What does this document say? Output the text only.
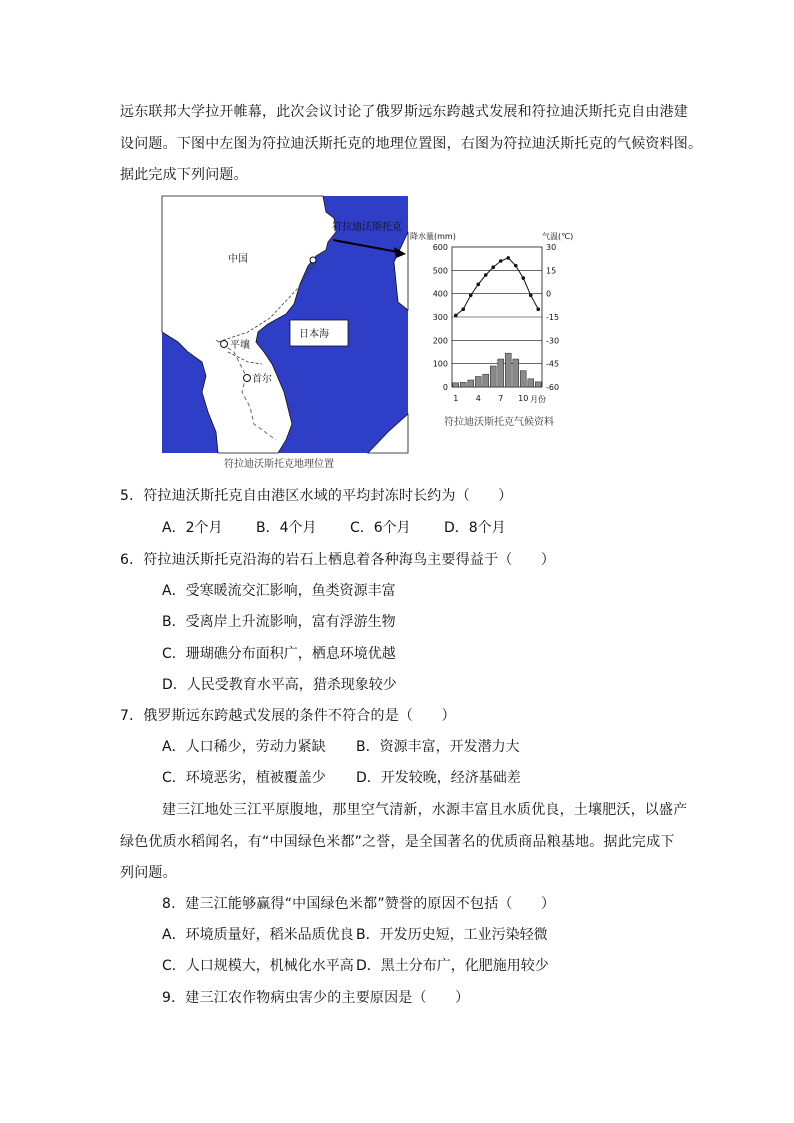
远东联邦大学拉开帷幕，此次会议讨论了俄罗斯远东跨越式发展和符拉迪沃斯托克自由港建
设问题。下图中左图为符拉迪沃斯托克的地理位置图，右图为符拉迪沃斯托克的气候资料图。
据此完成下列问题。
符拉迪沃斯托克
中国
日本海
平壤
首尔
符拉迪沃斯托克地理位置
降水量(mm)	气温(℃)
0
100
200
300
400
500
600
-60
-45
-30
-15
0
15
30
1 4 7 10 月份
符拉迪沃斯托克气候资料
5．符拉迪沃斯托克自由港区水域的平均封冻时长约为（　　）
A．2个月 B．4个月 C．6个月 D．8个月
6．符拉迪沃斯托克沿海的岩石上栖息着各种海鸟主要得益于（　　）
A．受寒暖流交汇影响，鱼类资源丰富
B．受离岸上升流影响，富有浮游生物
C．珊瑚礁分布面积广，栖息环境优越
D．人民受教育水平高，猎杀现象较少
7．俄罗斯远东跨越式发展的条件不符合的是（　　）
A．人口稀少，劳动力紧缺 B．资源丰富，开发潜力大
C．环境恶劣，植被覆盖少 D．开发较晚，经济基础差
建三江地处三江平原腹地，那里空气清新，水源丰富且水质优良，土壤肥沃，以盛产
绿色优质水稻闻名，有“中国绿色米都”之誉，是全国著名的优质商品粮基地。据此完成下
列问题。
8．建三江能够赢得“中国绿色米都”赞誉的原因不包括（　　）
A．环境质量好，稻米品质优良 B．开发历史短，工业污染轻微
C．人口规模大，机械化水平高 D．黑土分布广，化肥施用较少
9．建三江农作物病虫害少的主要原因是（　　）
